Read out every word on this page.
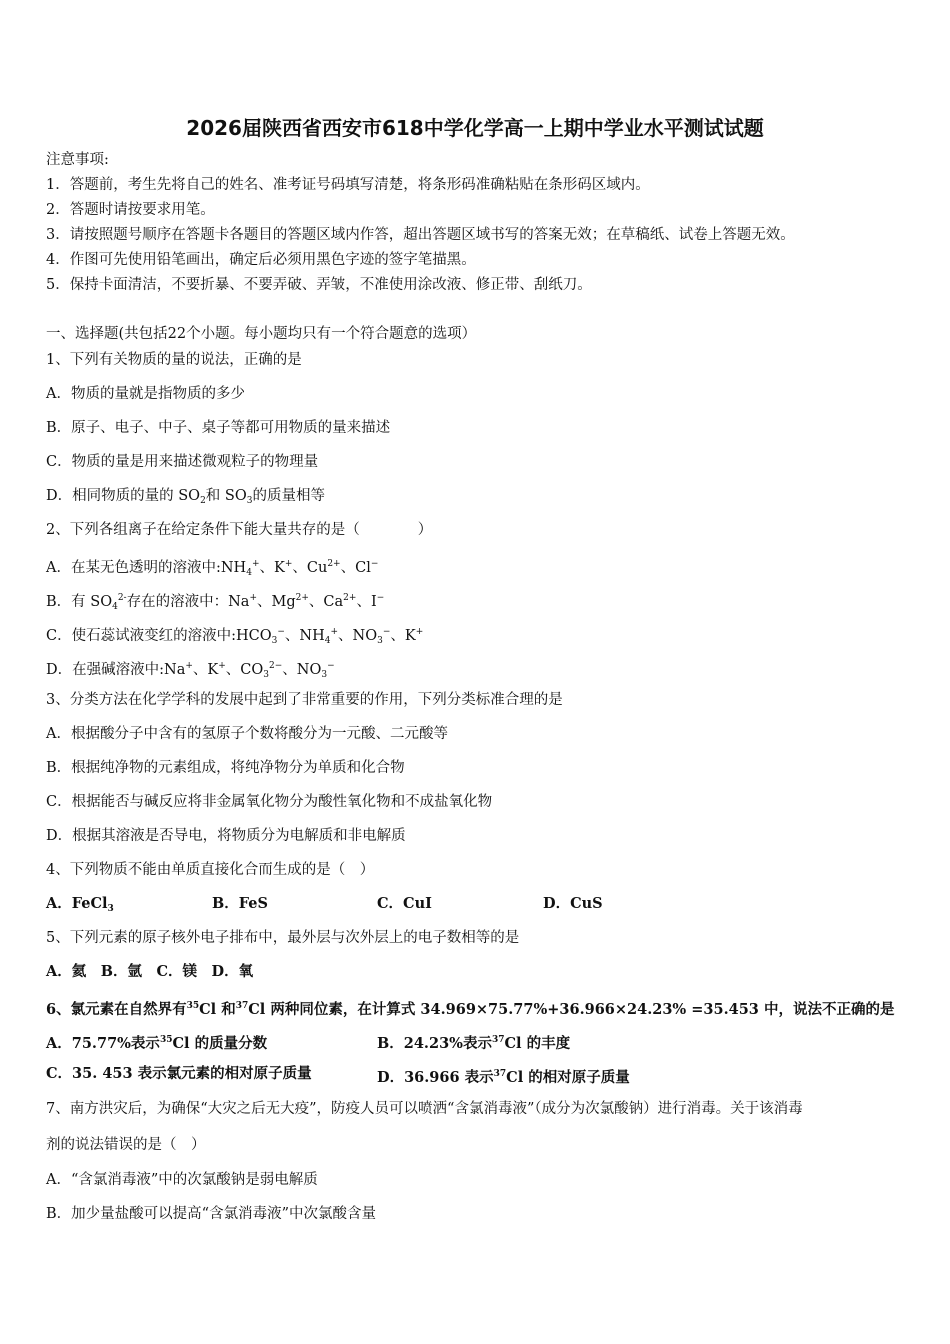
2026届陕西省西安市618中学化学高一上期中学业水平测试试题
注意事项:
1．答题前，考生先将自己的姓名、准考证号码填写清楚，将条形码准确粘贴在条形码区域内。
2．答题时请按要求用笔。
3．请按照题号顺序在答题卡各题目的答题区域内作答，超出答题区域书写的答案无效；在草稿纸、试卷上答题无效。
4．作图可先使用铅笔画出，确定后必须用黑色字迹的签字笔描黑。
5．保持卡面清洁，不要折暴、不要弄破、弄皱，不准使用涂改液、修正带、刮纸刀。
一、选择题(共包括22个小题。每小题均只有一个符合题意的选项）
1、下列有关物质的量的说法，正确的是
A．物质的量就是指物质的多少
B．原子、电子、中子、桌子等都可用物质的量来描述
C．物质的量是用来描述微观粒子的物理量
D．相同物质的量的 $SO_2$和 $SO_3$的质量相等
2、下列各组离子在给定条件下能大量共存的是（　　　　）
A．在某无色透明的溶液中$:NH_4^+$、K+、$Cu^{2+}$、Cl−
B．有 $SO_4^{2-}$存在的溶液中：Na+、$Mg^{2+}$、$Ca^{2+}$、I−
C．使石蕊试液变红的溶液中$:HCO_3^-$、$NH_4^+$、$NO_3^-$、K+
D．在强碱溶液中:Na+、K+、$CO_3^{2-}$、$NO_3^-$
3、分类方法在化学学科的发展中起到了非常重要的作用，下列分类标准合理的是
A．根据酸分子中含有的氢原子个数将酸分为一元酸、二元酸等
B．根据纯净物的元素组成，将纯净物分为单质和化合物
C．根据能否与碱反应将非金属氧化物分为酸性氧化物和不成盐氧化物
D．根据其溶液是否导电，将物质分为电解质和非电解质
4、下列物质不能由单质直接化合而生成的是（　）
A．FeCl$_3$	B．FeS	C．CuI	D．CuS
5、下列元素的原子核外电子排布中，最外层与次外层上的电子数相等的是
A．氦　B．氩　C．镁　D．氧
6、氯元素在自然界有$^{35}$Cl 和$^{37}$Cl 两种同位素，在计算式 34.969×75.77%+36.966×24.23% =35.453 中，说法不正确的是
A．75.77%表示$^{35}$Cl 的质量分数	B．24.23%表示$^{37}$Cl 的丰度
C．35. 453 表示氯元素的相对原子质量	D．36.966 表示$^{37}$Cl 的相对原子质量
7、南方洪灾后，为确保“大灾之后无大疫”，防疫人员可以喷洒“含氯消毒液”（成分为次氯酸钠）进行消毒。关于该消毒
剂的说法错误的是（　）
A．“含氯消毒液”中的次氯酸钠是弱电解质
B．加少量盐酸可以提高“含氯消毒液”中次氯酸含量
